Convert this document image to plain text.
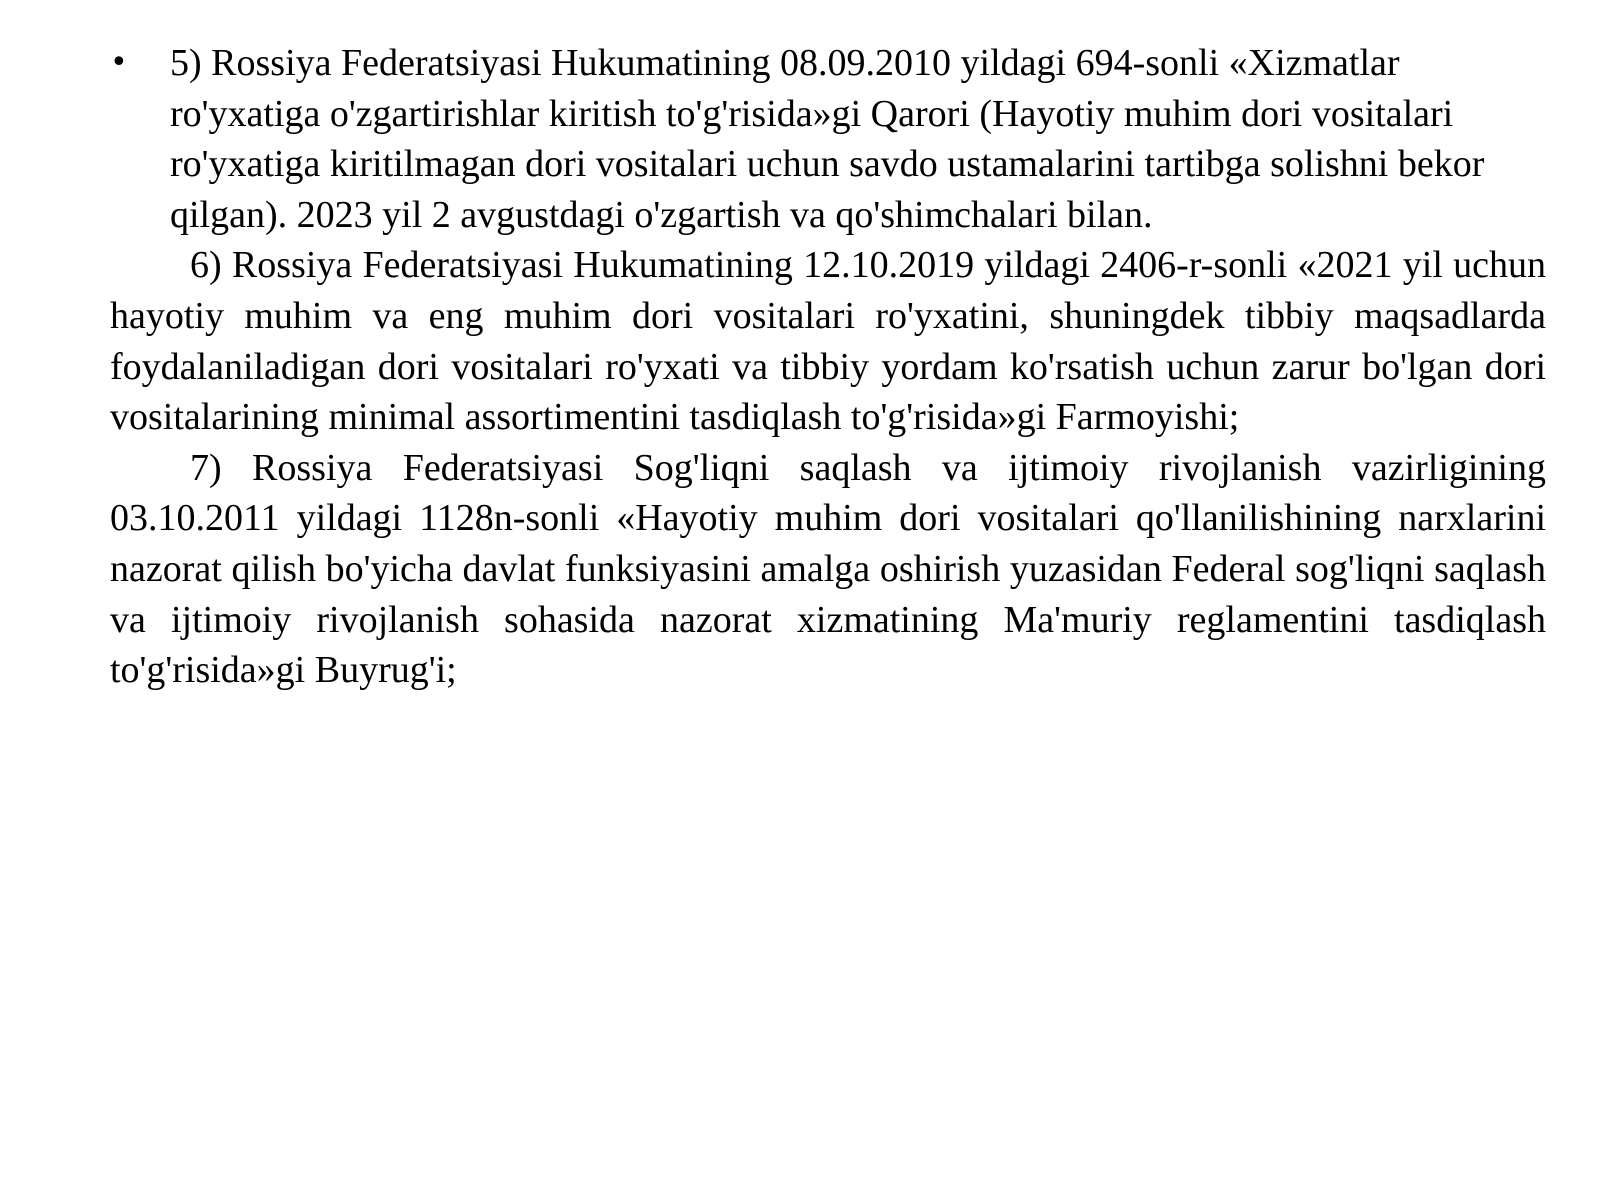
• 5) Rossiya Federatsiyasi Hukumatining 08.09.2010 yildagi 694-sonli «Xizmatlar ro'yxatiga o'zgartirishlar kiritish to'g'risida»gi Qarori (Hayotiy muhim dori vositalari ro'yxatiga kiritilmagan dori vositalari uchun savdo ustamalarini tartibga solishni bekor qilgan). 2023 yil 2 avgustdagi o'zgartish va qo'shimchalari bilan.

6) Rossiya Federatsiyasi Hukumatining 12.10.2019 yildagi 2406-r-sonli «2021 yil uchun hayotiy muhim va eng muhim dori vositalari ro'yxatini, shuningdek tibbiy maqsadlarda foydalaniladigan dori vositalari ro'yxati va tibbiy yordam ko'rsatish uchun zarur bo'lgan dori vositalarining minimal assortimentini tasdiqlash to'g'risida»gi Farmoyishi;

7) Rossiya Federatsiyasi Sog'liqni saqlash va ijtimoiy rivojlanish vazirligining 03.10.2011 yildagi 1128n-sonli «Hayotiy muhim dori vositalari qo'llanilishining narxlarini nazorat qilish bo'yicha davlat funksiyasini amalga oshirish yuzasidan Federal sog'liqni saqlash va ijtimoiy rivojlanish sohasida nazorat xizmatining Ma'muriy reglamentini tasdiqlash to'g'risida»gi Buyrug'i;
